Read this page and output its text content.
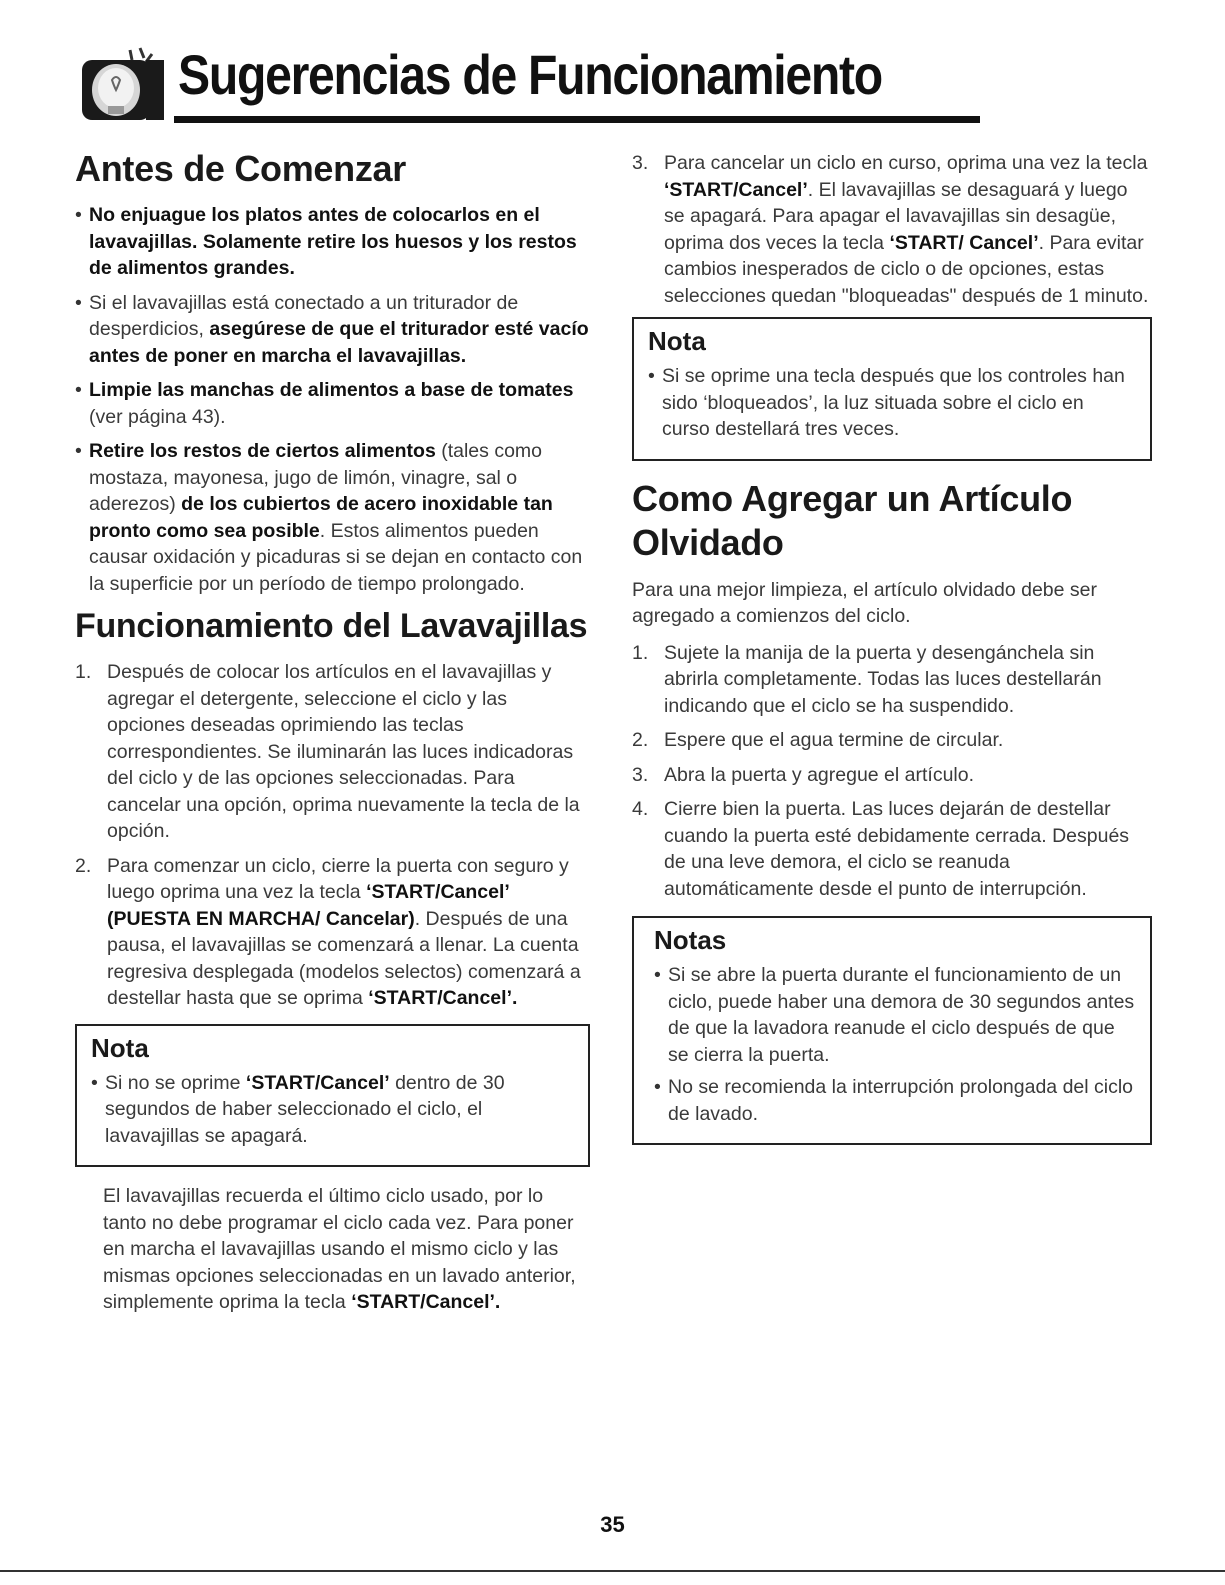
Sugerencias de Funcionamiento
Antes de Comenzar
• No enjuague los platos antes de colocarlos en el lavavajillas. Solamente retire los huesos y los restos de alimentos grandes.
• Si el lavavajillas está conectado a un triturador de desperdicios, asegúrese de que el triturador esté vacío antes de poner en marcha el lavavajillas.
• Limpie las manchas de alimentos a base de tomates (ver página 43).
• Retire los restos de ciertos alimentos (tales como mostaza, mayonesa, jugo de limón, vinagre, sal o aderezos) de los cubiertos de acero inoxidable tan pronto como sea posible. Estos alimentos pueden causar oxidación y picaduras si se dejan en contacto con la superficie por un período de tiempo prolongado.
Funcionamiento del Lavavajillas
1. Después de colocar los artículos en el lavavajillas y agregar el detergente, seleccione el ciclo y las opciones deseadas oprimiendo las teclas correspondientes. Se iluminarán las luces indicadoras del ciclo y de las opciones seleccionadas. Para cancelar una opción, oprima nuevamente la tecla de la opción.
2. Para comenzar un ciclo, cierre la puerta con seguro y luego oprima una vez la tecla ‘START/Cancel’ (PUESTA EN MARCHA/ Cancelar). Después de una pausa, el lavavajillas se comenzará a llenar. La cuenta regresiva desplegada (modelos selectos) comenzará a destellar hasta que se oprima ‘START/Cancel’.
Nota
• Si no se oprime ‘START/Cancel’ dentro de 30 segundos de haber seleccionado el ciclo, el lavavajillas se apagará.

El lavavajillas recuerda el último ciclo usado, por lo tanto no debe programar el ciclo cada vez. Para poner en marcha el lavavajillas usando el mismo ciclo y las mismas opciones seleccionadas en un lavado anterior, simplemente oprima la tecla ‘START/Cancel’.

3. Para cancelar un ciclo en curso, oprima una vez la tecla ‘START/Cancel’. El lavavajillas se desaguará y luego se apagará. Para apagar el lavavajillas sin desagüe, oprima dos veces la tecla ‘START/ Cancel’. Para evitar cambios inesperados de ciclo o de opciones, estas selecciones quedan "bloqueadas" después de 1 minuto.
Nota
• Si se oprime una tecla después que los controles han sido ‘bloqueados’, la luz situada sobre el ciclo en curso destellará tres veces.
Como Agregar un Artículo Olvidado

Para una mejor limpieza, el artículo olvidado debe ser agregado a comienzos del ciclo.

1. Sujete la manija de la puerta y desengánchela sin abrirla completamente. Todas las luces destellarán indicando que el ciclo se ha suspendido.
2. Espere que el agua termine de circular.
3. Abra la puerta y agregue el artículo.
4. Cierre bien la puerta. Las luces dejarán de destellar cuando la puerta esté debidamente cerrada. Después de una leve demora, el ciclo se reanuda automáticamente desde el punto de interrupción.
Notas
• Si se abre la puerta durante el funcionamiento de un ciclo, puede haber una demora de 30 segundos antes de que la lavadora reanude el ciclo después de que se cierra la puerta.
• No se recomienda la interrupción prolongada del ciclo de lavado.
35
